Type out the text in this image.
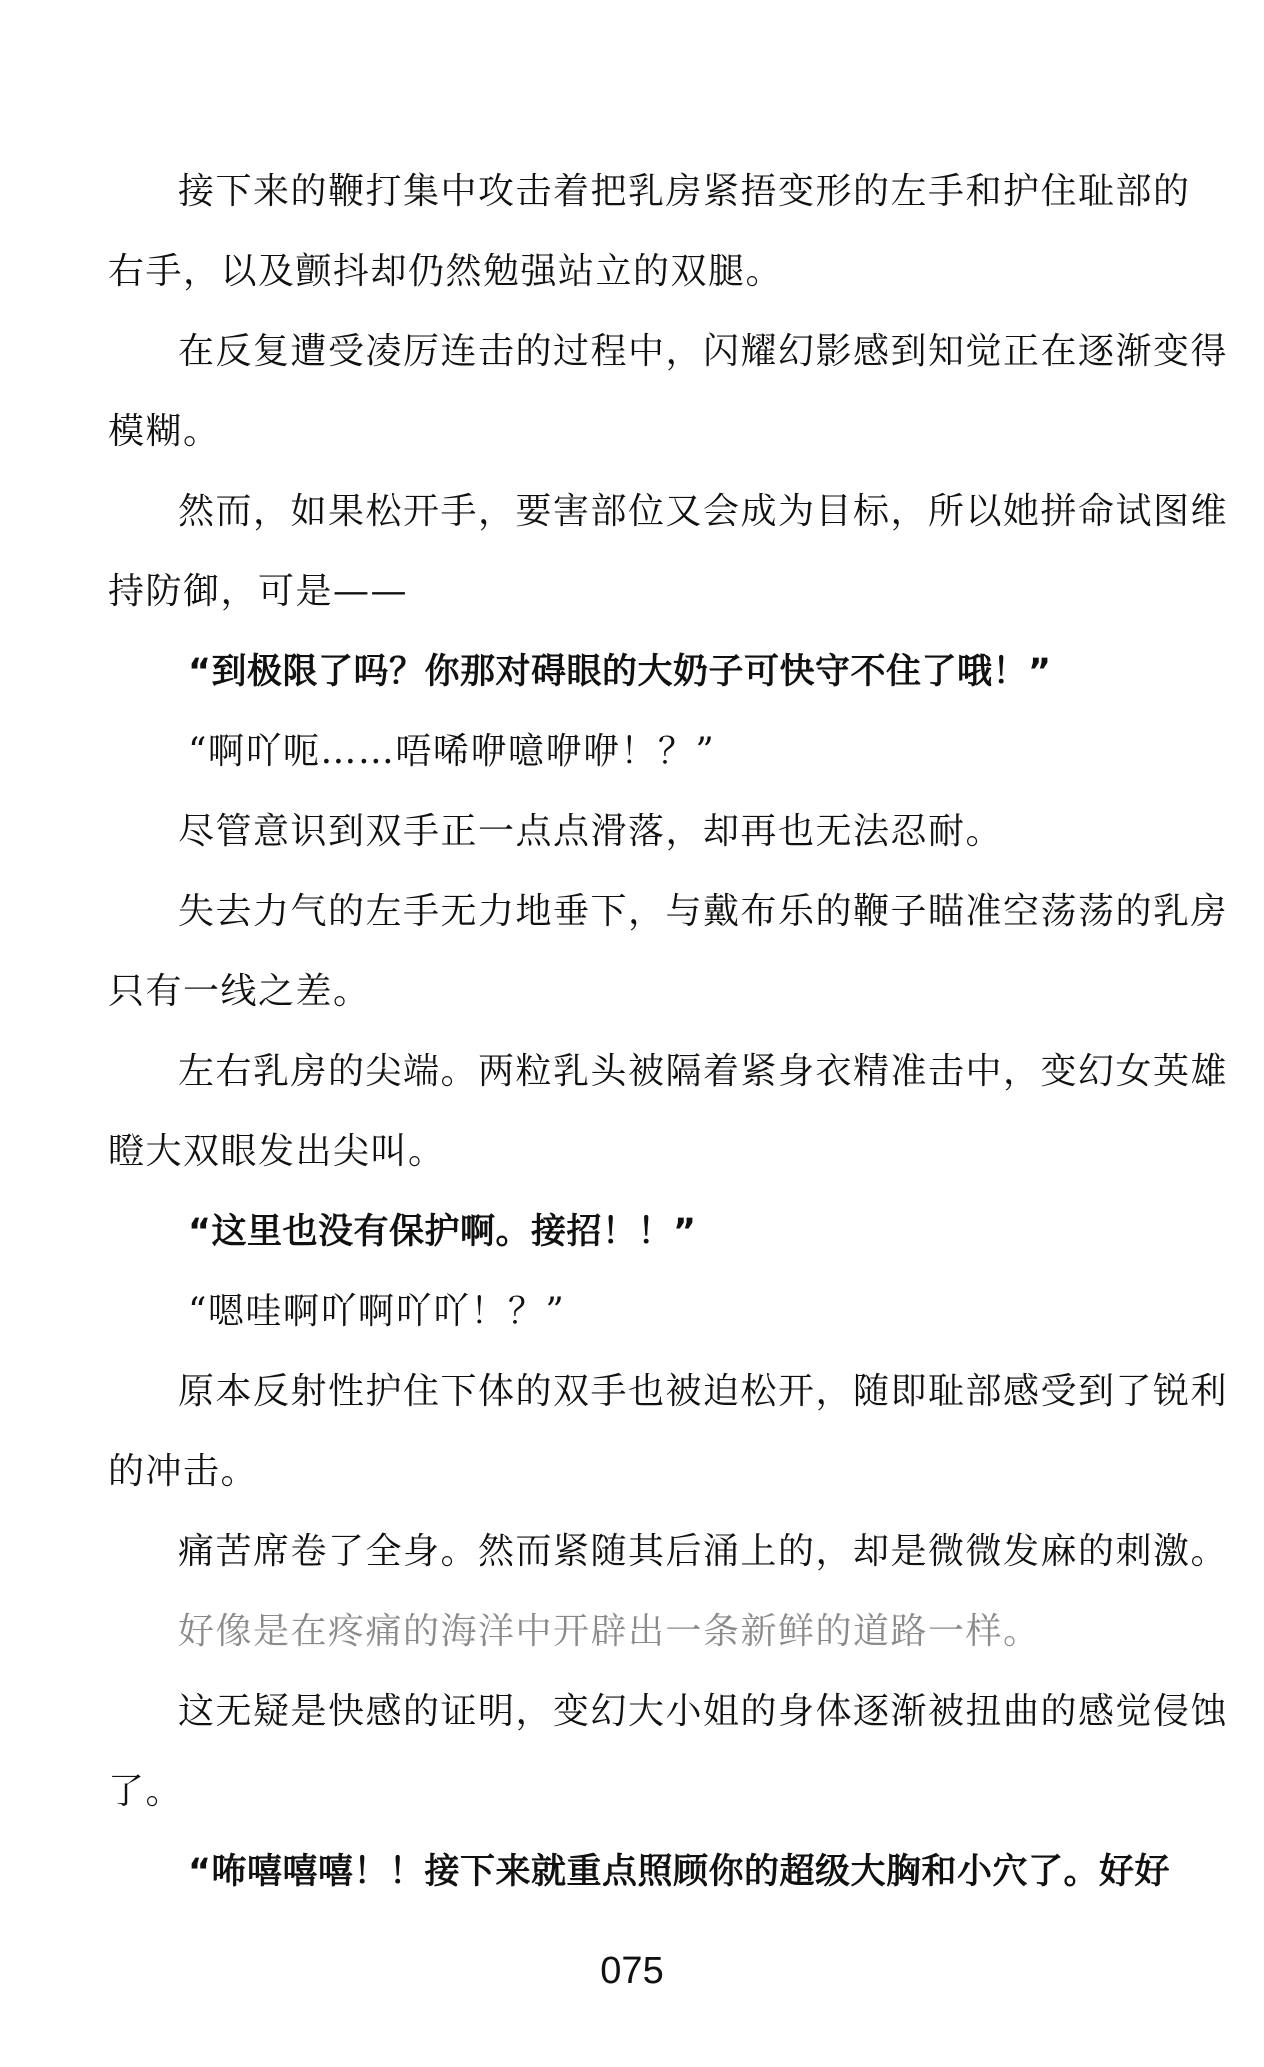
接下来的鞭打集中攻击着把乳房紧捂变形的左手和护住耻部的
右手，以及颤抖却仍然勉强站立的双腿。
在反复遭受凌厉连击的过程中，闪耀幻影感到知觉正在逐渐变得
模糊。
然而，如果松开手，要害部位又会成为目标，所以她拼命试图维
持防御，可是——
“到极限了吗？你那对碍眼的大奶子可快守不住了哦！”
“啊吖呃……唔唏咿噫咿咿！？”
尽管意识到双手正一点点滑落，却再也无法忍耐。
失去力气的左手无力地垂下，与戴布乐的鞭子瞄准空荡荡的乳房
只有一线之差。
左右乳房的尖端。两粒乳头被隔着紧身衣精准击中，变幻女英雄
瞪大双眼发出尖叫。
“这里也没有保护啊。接招！！”
“嗯哇啊吖啊吖吖！？”
原本反射性护住下体的双手也被迫松开，随即耻部感受到了锐利
的冲击。
痛苦席卷了全身。然而紧随其后涌上的，却是微微发麻的刺激。
好像是在疼痛的海洋中开辟出一条新鲜的道路一样。
这无疑是快感的证明，变幻大小姐的身体逐渐被扭曲的感觉侵蚀
了。
“咘嘻嘻嘻！！接下来就重点照顾你的超级大胸和小穴了。好好
075
